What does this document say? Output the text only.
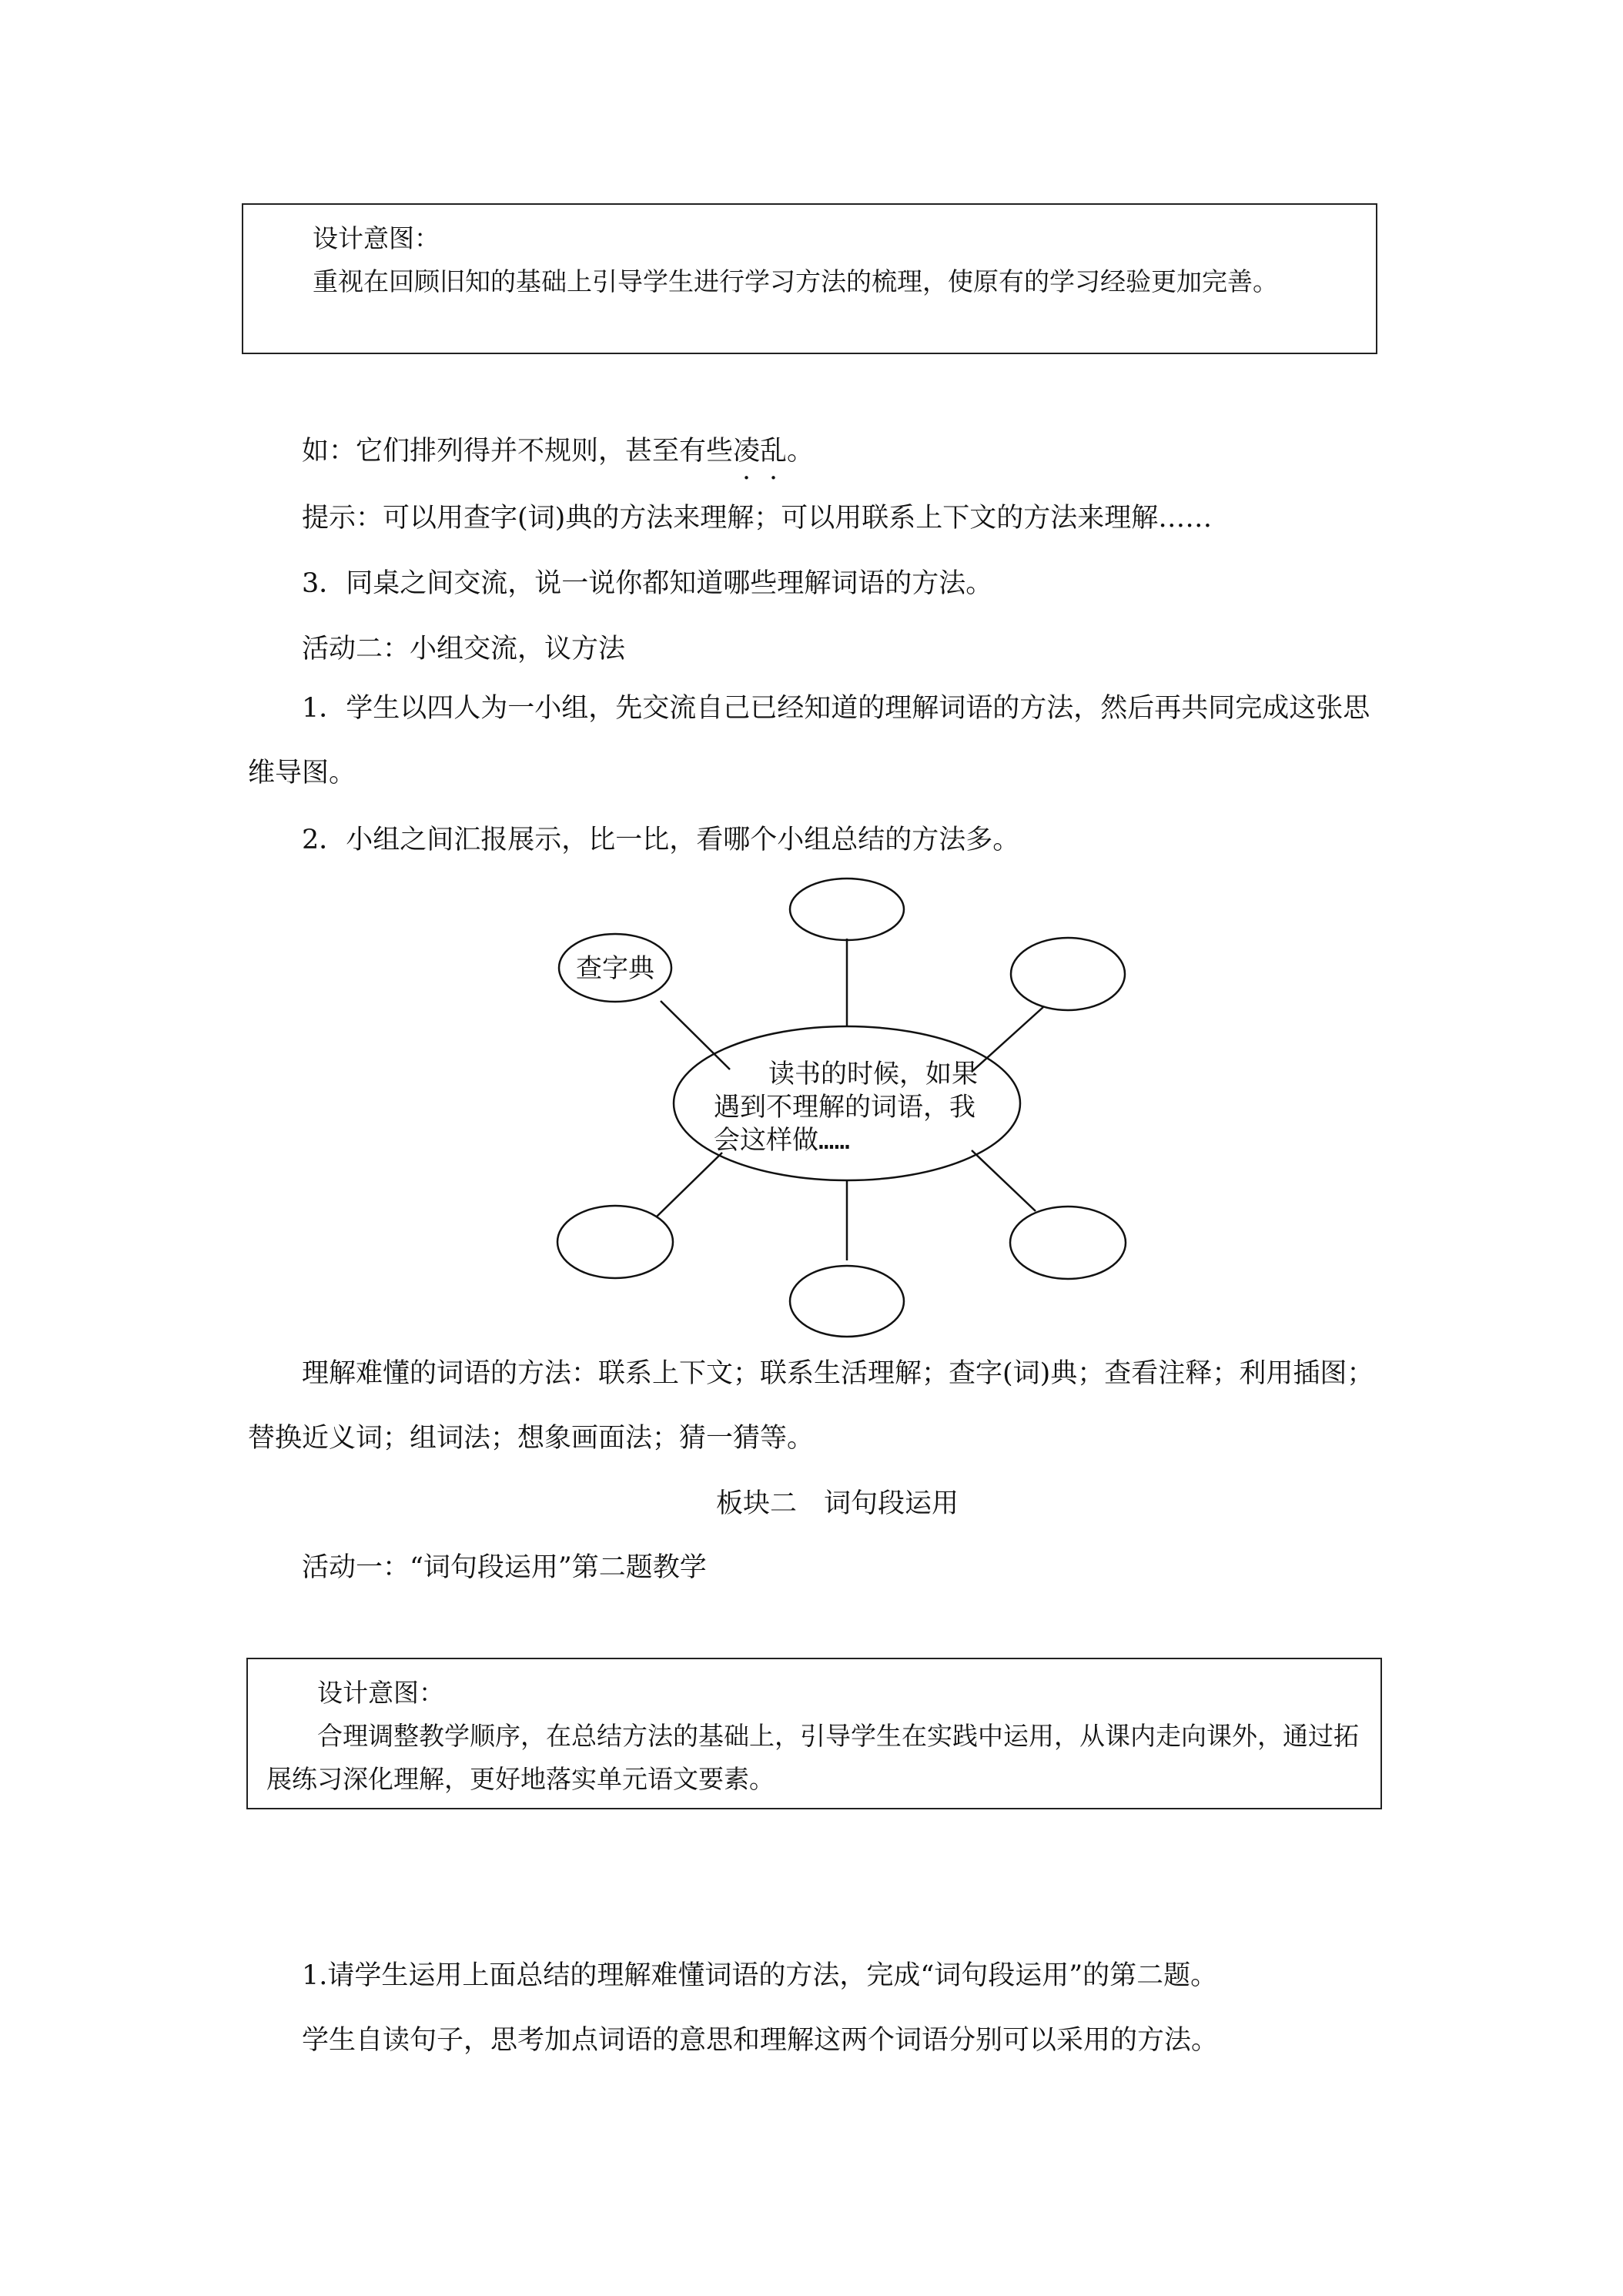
设计意图：

重视在回顾旧知的基础上引导学生进行学习方法的梳理，使原有的学习经验更加完善。

如：它们排列得并不规则，甚至有些凌乱。

提示：可以用查字(词)典的方法来理解；可以用联系上下文的方法来理解……

3．同桌之间交流，说一说你都知道哪些理解词语的方法。

活动二：小组交流，议方法

1．学生以四人为一小组，先交流自己已经知道的理解词语的方法，然后再共同完成这张思维导图。

2．小组之间汇报展示，比一比，看哪个小组总结的方法多。

读书的时候，如果
遇到不理解的词语，我
会这样做……
查字典

理解难懂的词语的方法：联系上下文；联系生活理解；查字(词)典；查看注释；利用插图；替换近义词；组词法；想象画面法；猜一猜等。

板块二　词句段运用

活动一：“词句段运用”第二题教学

设计意图：

合理调整教学顺序，在总结方法的基础上，引导学生在实践中运用，从课内走向课外，通过拓展练习深化理解，更好地落实单元语文要素。

1.请学生运用上面总结的理解难懂词语的方法，完成“词句段运用”的第二题。

学生自读句子，思考加点词语的意思和理解这两个词语分别可以采用的方法。
